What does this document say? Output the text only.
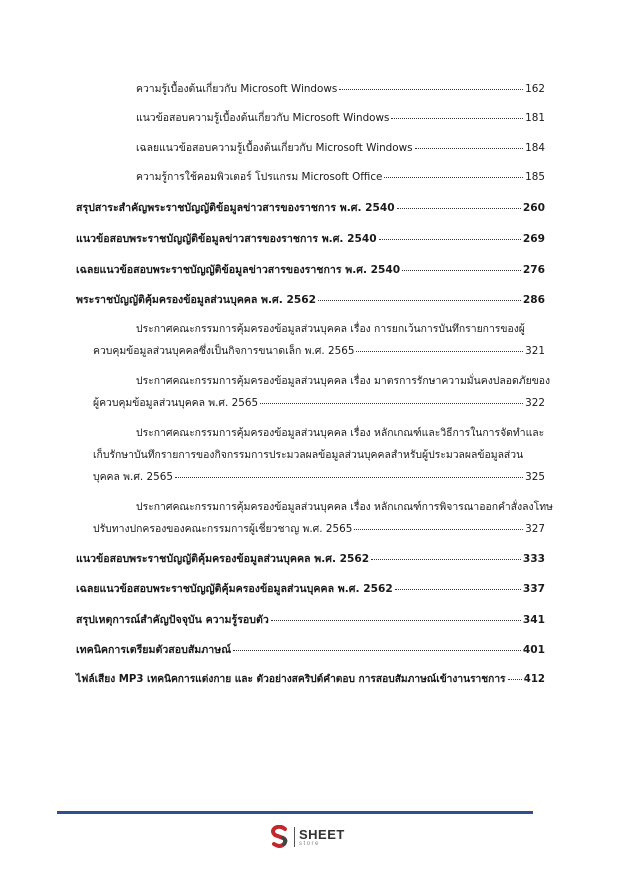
ความรู้เบื้องต้นเกี่ยวกับ Microsoft Windows	162
แนวข้อสอบความรู้เบื้องต้นเกี่ยวกับ Microsoft Windows	181
เฉลยแนวข้อสอบความรู้เบื้องต้นเกี่ยวกับ Microsoft Windows	184
ความรู้การใช้คอมพิวเตอร์ โปรแกรม Microsoft Office	185
สรุปสาระสำคัญพระราชบัญญัติข้อมูลข่าวสารของราชการ พ.ศ. 2540	260
แนวข้อสอบพระราชบัญญัติข้อมูลข่าวสารของราชการ พ.ศ. 2540	269
เฉลยแนวข้อสอบพระราชบัญญัติข้อมูลข่าวสารของราชการ พ.ศ. 2540	276
พระราชบัญญัติคุ้มครองข้อมูลส่วนบุคคล พ.ศ. 2562	286
ประกาศคณะกรรมการคุ้มครองข้อมูลส่วนบุคคล เรื่อง การยกเว้นการบันทึกรายการของผู้
ควบคุมข้อมูลส่วนบุคคลซึ่งเป็นกิจการขนาดเล็ก พ.ศ. 2565	321
ประกาศคณะกรรมการคุ้มครองข้อมูลส่วนบุคคล เรื่อง มาตรการรักษาความมั่นคงปลอดภัยของ
ผู้ควบคุมข้อมูลส่วนบุคคล พ.ศ. 2565	322
ประกาศคณะกรรมการคุ้มครองข้อมูลส่วนบุคคล เรื่อง หลักเกณฑ์และวิธีการในการจัดทำและ
เก็บรักษาบันทึกรายการของกิจกรรมการประมวลผลข้อมูลส่วนบุคคลสำหรับผู้ประมวลผลข้อมูลส่วน
บุคคล พ.ศ. 2565	325
ประกาศคณะกรรมการคุ้มครองข้อมูลส่วนบุคคล เรื่อง หลักเกณฑ์การพิจารณาออกคำสั่งลงโทษ
ปรับทางปกครองของคณะกรรมการผู้เชี่ยวชาญ พ.ศ. 2565	327
แนวข้อสอบพระราชบัญญัติคุ้มครองข้อมูลส่วนบุคคล พ.ศ. 2562	333
เฉลยแนวข้อสอบพระราชบัญญัติคุ้มครองข้อมูลส่วนบุคคล พ.ศ. 2562	337
สรุปเหตุการณ์สำคัญปัจจุบัน ความรู้รอบตัว	341
เทคนิคการเตรียมตัวสอบสัมภาษณ์	401
ไฟล์เสียง MP3 เทคนิคการแต่งกาย และ ตัวอย่างสคริปต์คำตอบ การสอบสัมภาษณ์เข้างานราชการ 412
SHEET
store
